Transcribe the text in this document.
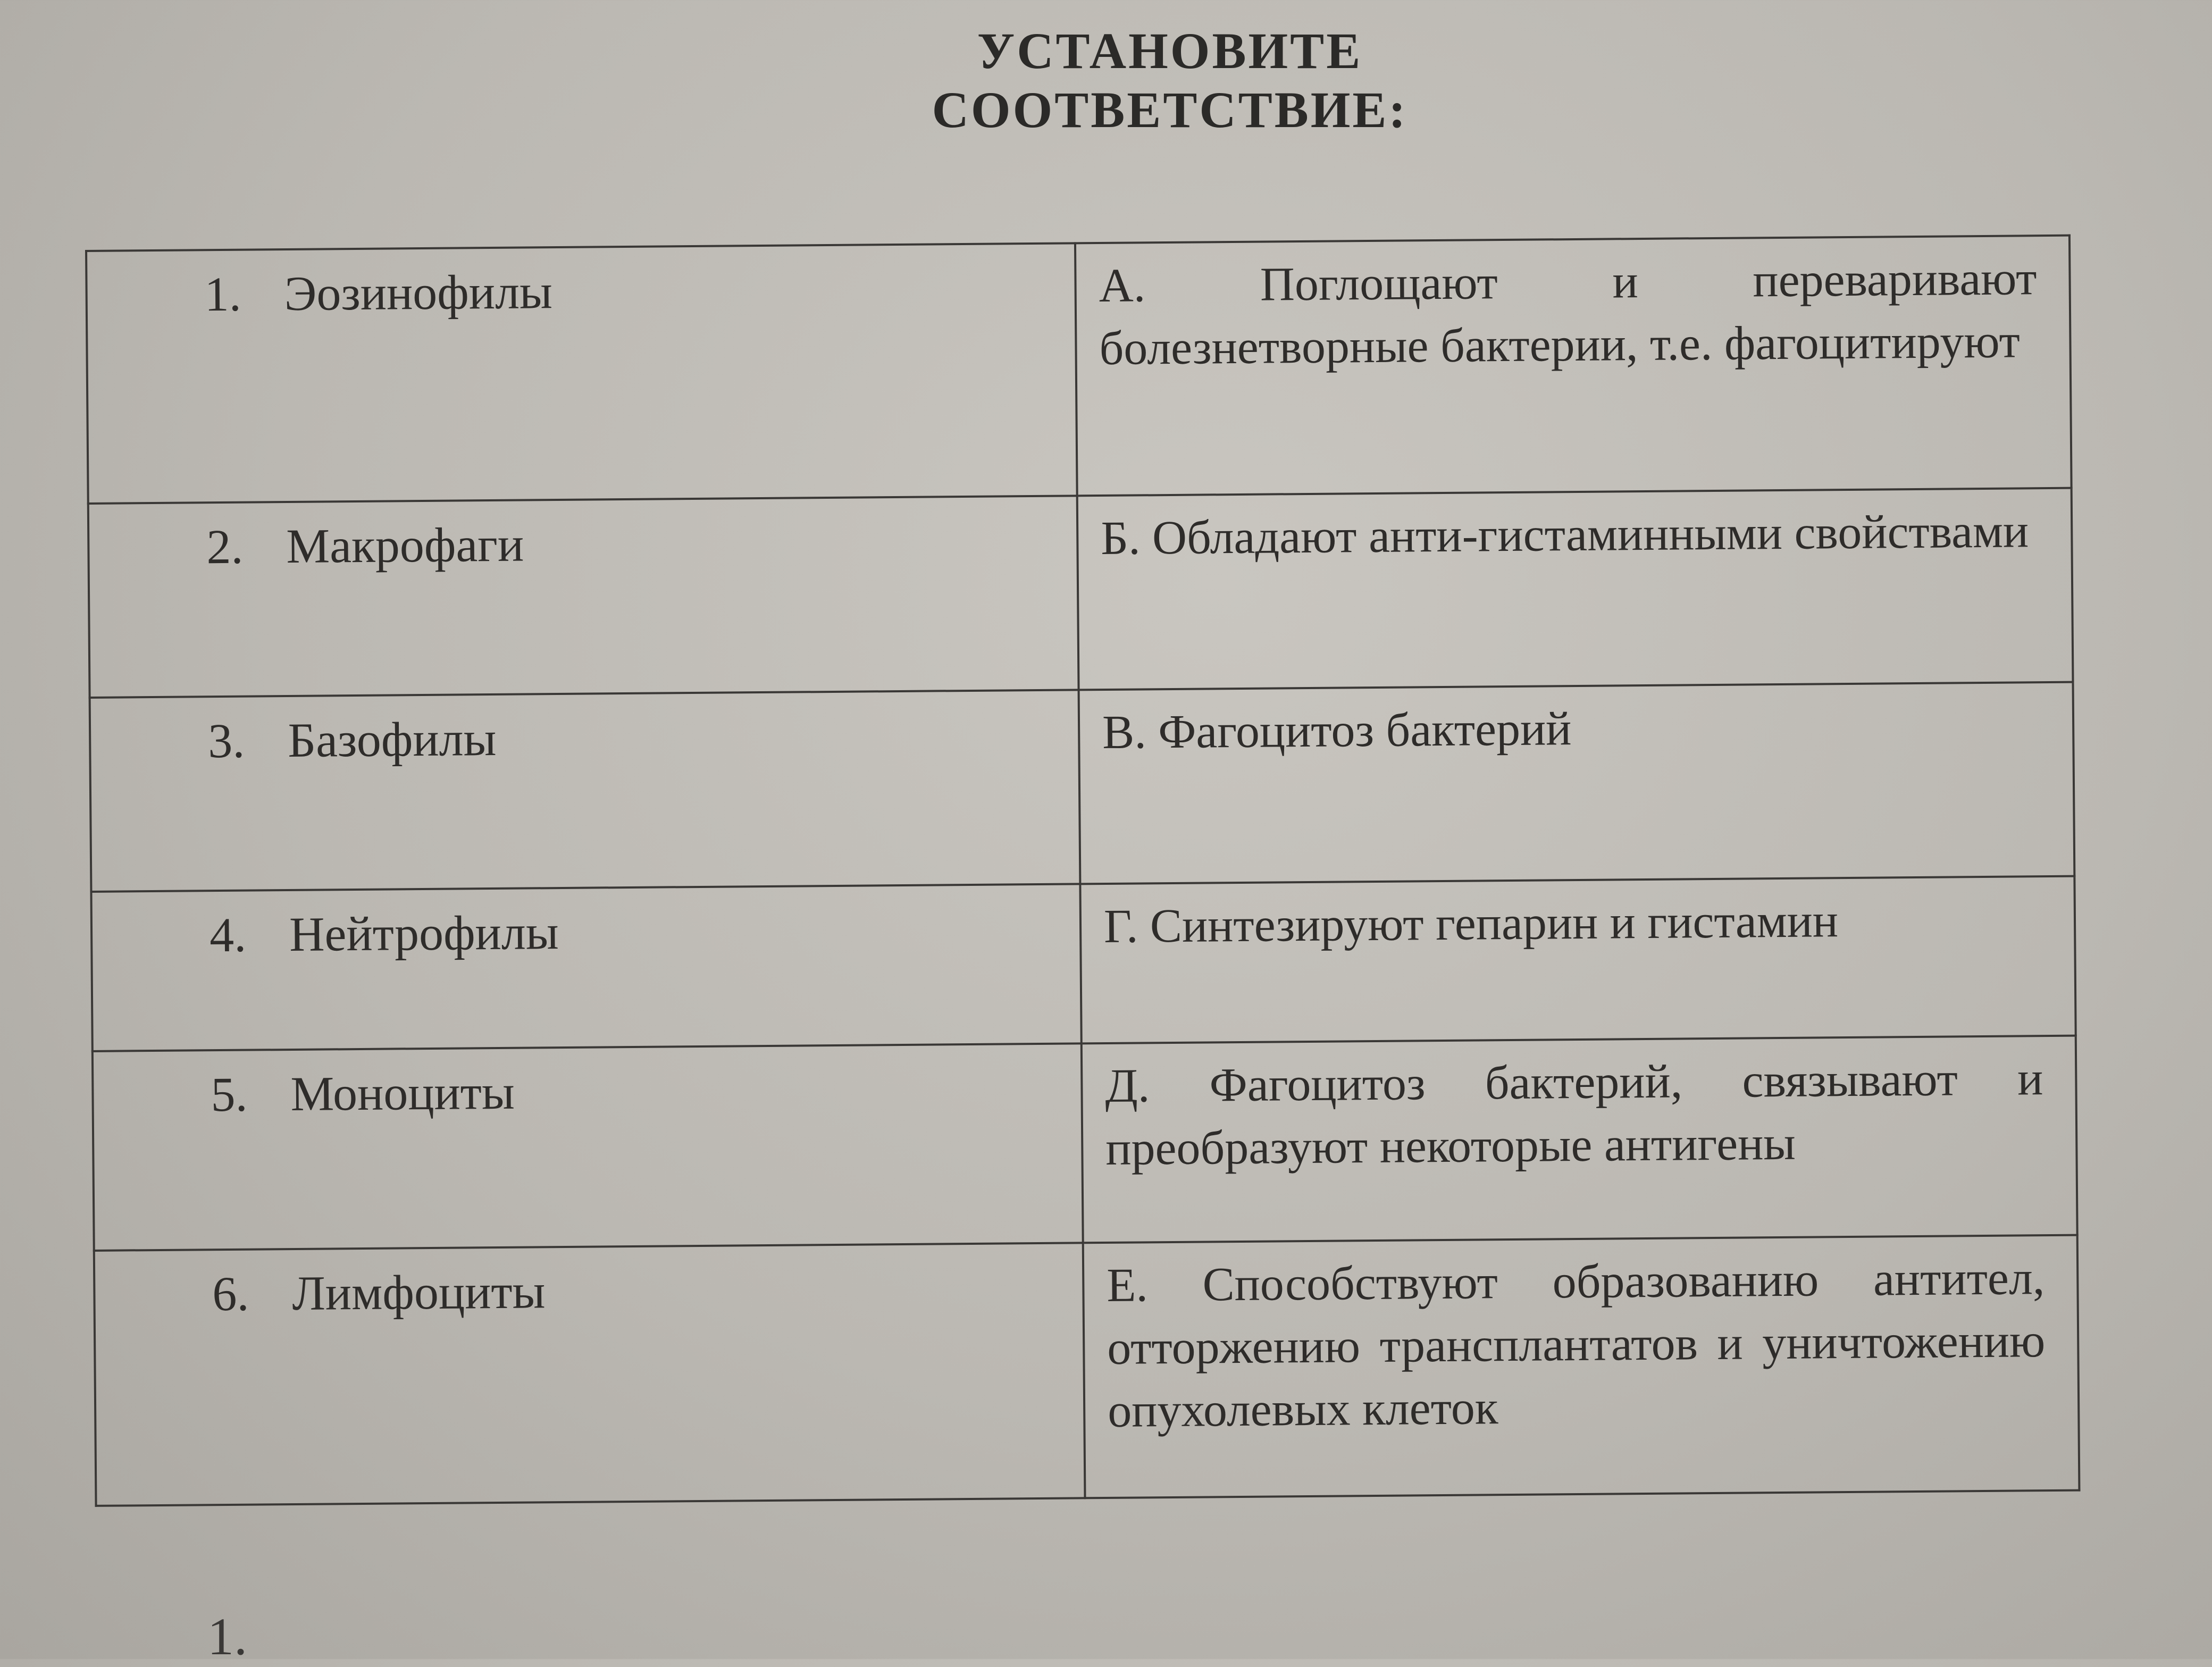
УСТАНОВИТЕ СООТВЕТСТВИЕ:
1. Эозинофилы	А. Поглощают и переваривают болезнетворные бактерии, т.е. фагоцитируют
2. Макрофаги	Б. Обладают анти-гистаминными свойствами
3. Базофилы	В. Фагоцитоз бактерий
4. Нейтрофилы	Г. Синтезируют гепарин и гистамин
5. Моноциты	Д. Фагоцитоз бактерий, связывают и преобразуют некоторые антигены
6. Лимфоциты	Е. Способствуют образованию антител, отторжению трансплантатов и уничтожению опухолевых клеток
1.
